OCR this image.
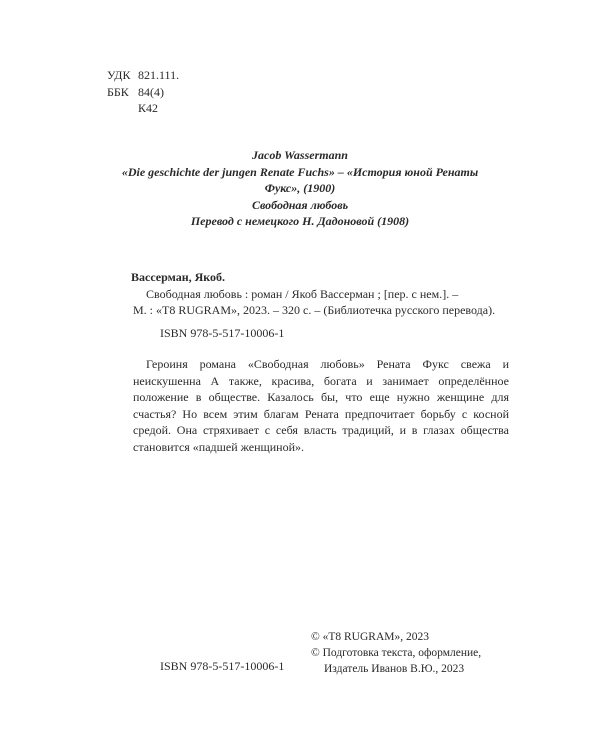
УДК 821.111.
ББК 84(4)
К42
Jacob Wassermann
«Die geschichte der jungen Renate Fuchs» – «История юной Ренаты
Фукс», (1900)
Свободная любовь
Перевод с немецкого Н. Дадоновой (1908)
Вассерман, Якоб.
Свободная любовь : роман / Якоб Вассерман ; [пер. с нем.]. –
М. : «Т8 RUGRAM», 2023. – 320 с. – (Библиотечка русского перевода).
ISBN 978-5-517-10006-1

Героиня романа «Свободная любовь» Рената Фукс свежа и неискушенна А также, красива, богата и занимает определённое положение в обществе. Казалось бы, что еще нужно женщине для счастья? Но всем этим благам Рената предпочитает борьбу с косной средой. Она стряхивает с себя власть традиций, и в глазах общества становится «падшей женщиной».

© «Т8 RUGRAM», 2023
© Подготовка текста, оформление,
Издатель Иванов В.Ю., 2023
ISBN 978-5-517-10006-1
